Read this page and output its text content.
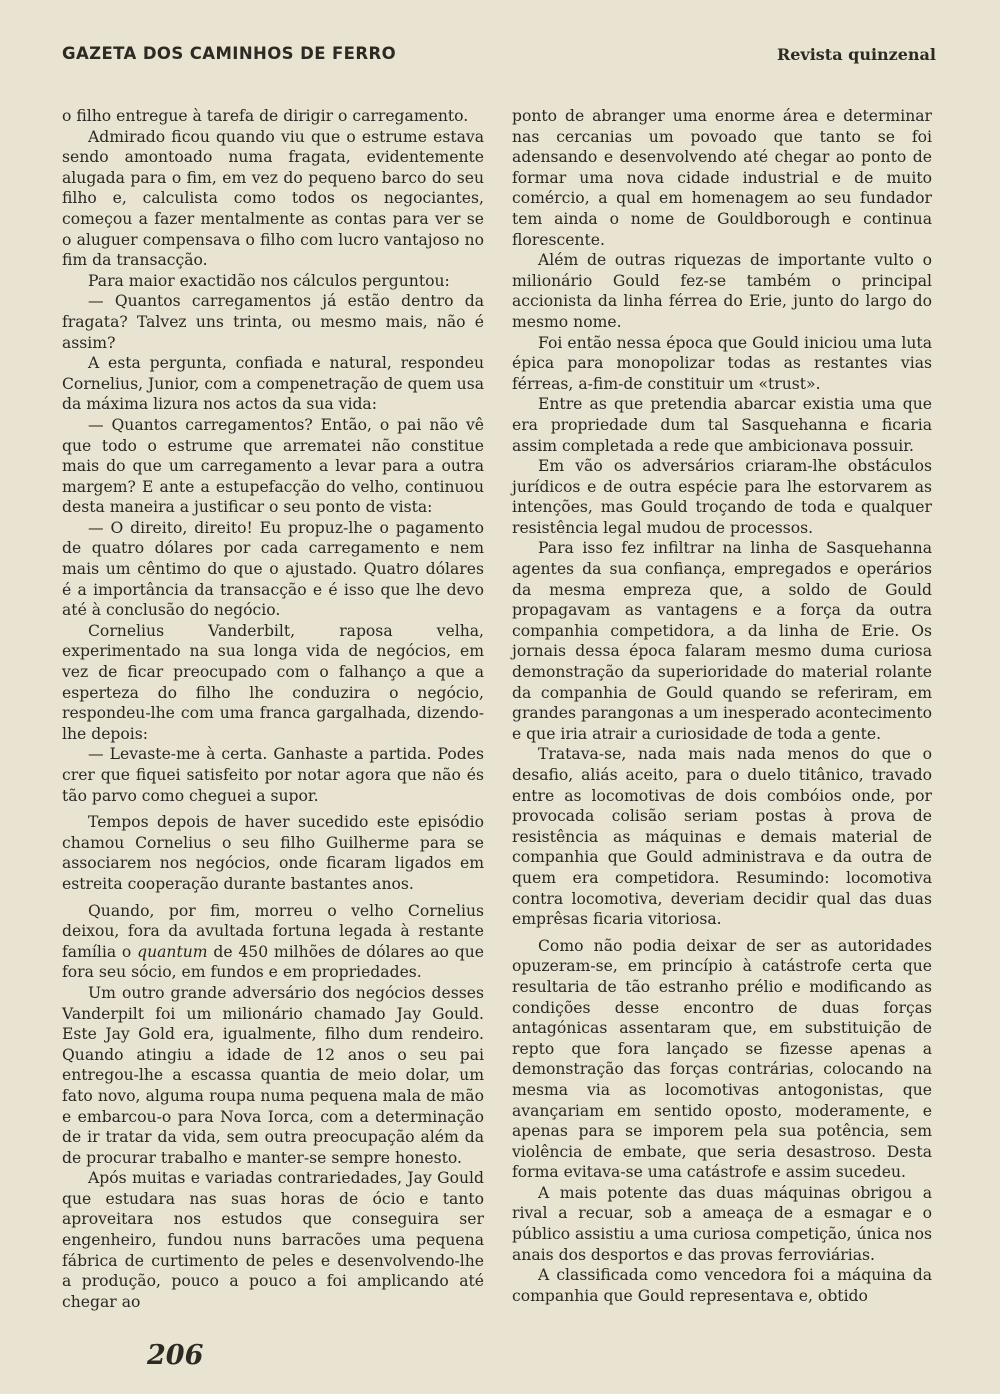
GAZETA DOS CAMINHOS DE FERRO	Revista quinzenal

o filho entregue à tarefa de dirigir o carregamento.

Admirado ficou quando viu que o estrume estava sendo amontoado numa fragata, evidentemente alugada para o fim, em vez do pequeno barco do seu filho e, calculista como todos os negociantes, começou a fazer mentalmente as contas para ver se o aluguer compensava o filho com lucro vantajoso no fim da transacção.

Para maior exactidão nos cálculos perguntou:

— Quantos carregamentos já estão dentro da fragata? Talvez uns trinta, ou mesmo mais, não é assim?

A esta pergunta, confiada e natural, respondeu Cornelius, Junior, com a compenetração de quem usa da máxima lizura nos actos da sua vida:

— Quantos carregamentos? Então, o pai não vê que todo o estrume que arrematei não constitue mais do que um carregamento a levar para a outra margem? E ante a estupefacção do velho, continuou desta maneira a justificar o seu ponto de vista:

— O direito, direito! Eu propuz-lhe o pagamento de quatro dólares por cada carregamento e nem mais um cêntimo do que o ajustado. Quatro dólares é a importância da transacção e é isso que lhe devo até à conclusão do negócio.

Cornelius Vanderbilt, raposa velha, experimentado na sua longa vida de negócios, em vez de ficar preocupado com o falhanço a que a esperteza do filho lhe conduzira o negócio, respondeu-lhe com uma franca gargalhada, dizendo-lhe depois:

— Levaste-me à certa. Ganhaste a partida. Podes crer que fiquei satisfeito por notar agora que não és tão parvo como cheguei a supor.

Tempos depois de haver sucedido este episódio chamou Cornelius o seu filho Guilherme para se associarem nos negócios, onde ficaram ligados em estreita cooperação durante bastantes anos.

Quando, por fim, morreu o velho Cornelius deixou, fora da avultada fortuna legada à restante família o quantum de 450 milhões de dólares ao que fora seu sócio, em fundos e em propriedades.

Um outro grande adversário dos negócios desses Vanderpilt foi um milionário chamado Jay Gould. Este Jay Gold era, igualmente, filho dum rendeiro. Quando atingiu a idade de 12 anos o seu pai entregou-lhe a escassa quantia de meio dolar, um fato novo, alguma roupa numa pequena mala de mão e embarcou-o para Nova Iorca, com a determinação de ir tratar da vida, sem outra preocupação além da de procurar trabalho e manter-se sempre honesto.

Após muitas e variadas contrariedades, Jay Gould que estudara nas suas horas de ócio e tanto aproveitara nos estudos que conseguira ser engenheiro, fundou nuns barracões uma pequena fábrica de curtimento de peles e desenvolvendo-lhe a produção, pouco a pouco a foi amplicando até chegar ao

ponto de abranger uma enorme área e determinar nas cercanias um povoado que tanto se foi adensando e desenvolvendo até chegar ao ponto de formar uma nova cidade industrial e de muito comércio, a qual em homenagem ao seu fundador tem ainda o nome de Gouldborough e continua florescente.

Além de outras riquezas de importante vulto o milionário Gould fez-se também o principal accionista da linha férrea do Erie, junto do largo do mesmo nome.

Foi então nessa época que Gould iniciou uma luta épica para monopolizar todas as restantes vias férreas, a-fim-de constituir um «trust».

Entre as que pretendia abarcar existia uma que era propriedade dum tal Sasquehanna e ficaria assim completada a rede que ambicionava possuir.

Em vão os adversários criaram-lhe obstáculos jurídicos e de outra espécie para lhe estorvarem as intenções, mas Gould troçando de toda e qualquer resistência legal mudou de processos.

Para isso fez infiltrar na linha de Sasquehanna agentes da sua confiança, empregados e operários da mesma empreza que, a soldo de Gould propagavam as vantagens e a força da outra companhia competidora, a da linha de Erie. Os jornais dessa época falaram mesmo duma curiosa demonstração da superioridade do material rolante da companhia de Gould quando se referiram, em grandes parangonas a um inesperado acontecimento e que iria atrair a curiosidade de toda a gente.

Tratava-se, nada mais nada menos do que o desafio, aliás aceito, para o duelo titânico, travado entre as locomotivas de dois combóios onde, por provocada colisão seriam postas à prova de resistência as máquinas e demais material de companhia que Gould administrava e da outra de quem era competidora. Resumindo: locomotiva contra locomotiva, deveriam decidir qual das duas emprêsas ficaria vitoriosa.

Como não podia deixar de ser as autoridades opuzeram-se, em princípio à catástrofe certa que resultaria de tão estranho prélio e modificando as condições desse encontro de duas forças antagónicas assentaram que, em substituição de repto que fora lançado se fizesse apenas a demonstração das forças contrárias, colocando na mesma via as locomotivas antogonistas, que avançariam em sentido oposto, moderamente, e apenas para se imporem pela sua potência, sem violência de embate, que seria desastroso. Desta forma evitava-se uma catástrofe e assim sucedeu.

A mais potente das duas máquinas obrigou a rival a recuar, sob a ameaça de a esmagar e o público assistiu a uma curiosa competição, única nos anais dos desportos e das provas ferroviárias.

A classificada como vencedora foi a máquina da companhia que Gould representava e, obtido

206
